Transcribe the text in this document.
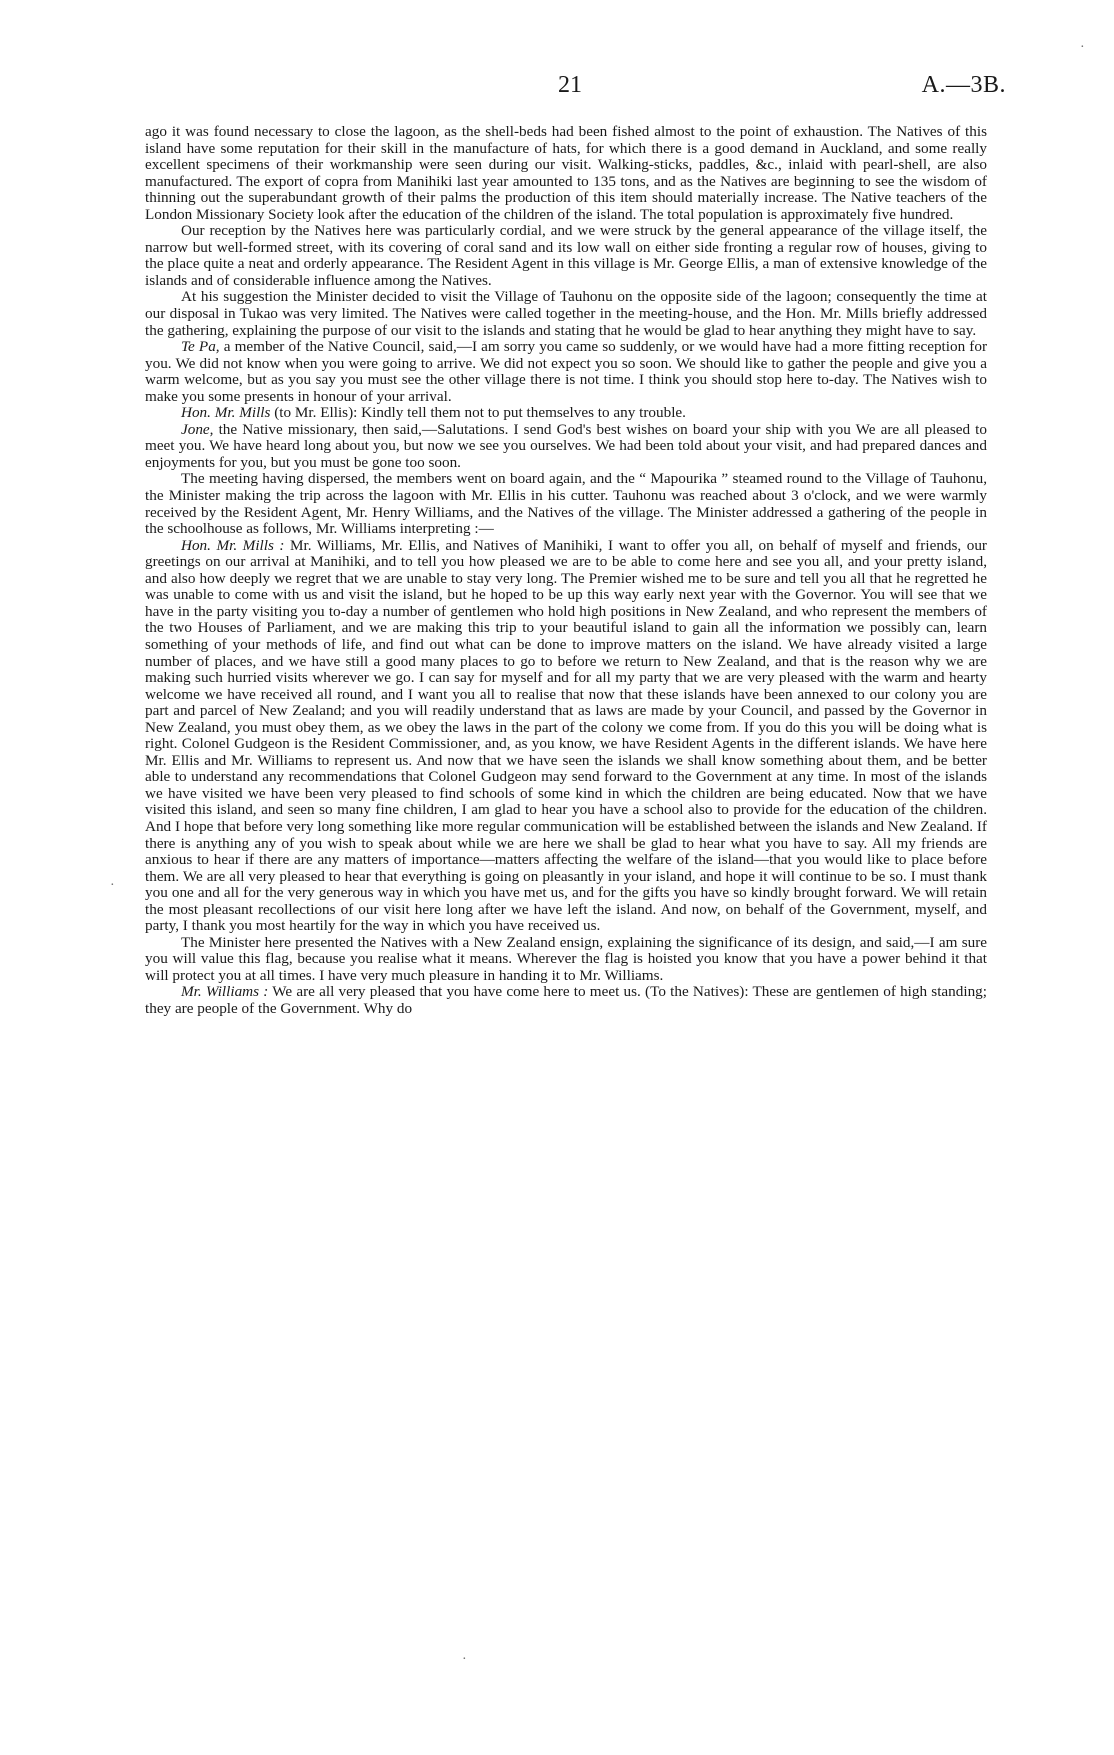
21	A.—3B.

ago it was found necessary to close the lagoon, as the shell-beds had been fished almost to the point of exhaustion. The Natives of this island have some reputation for their skill in the manufacture of hats, for which there is a good demand in Auckland, and some really excellent specimens of their workmanship were seen during our visit. Walking-sticks, paddles, &c., inlaid with pearl-shell, are also manufactured. The export of copra from Manihiki last year amounted to 135 tons, and as the Natives are beginning to see the wisdom of thinning out the superabundant growth of their palms the production of this item should materially increase. The Native teachers of the London Missionary Society look after the education of the children of the island. The total population is approximately five hundred.

Our reception by the Natives here was particularly cordial, and we were struck by the general appearance of the village itself, the narrow but well-formed street, with its covering of coral sand and its low wall on either side fronting a regular row of houses, giving to the place quite a neat and orderly appearance. The Resident Agent in this village is Mr. George Ellis, a man of extensive knowledge of the islands and of considerable influence among the Natives.

At his suggestion the Minister decided to visit the Village of Tauhonu on the opposite side of the lagoon; consequently the time at our disposal in Tukao was very limited. The Natives were called together in the meeting-house, and the Hon. Mr. Mills briefly addressed the gathering, explaining the purpose of our visit to the islands and stating that he would be glad to hear anything they might have to say.

Te Pa, a member of the Native Council, said,—I am sorry you came so suddenly, or we would have had a more fitting reception for you. We did not know when you were going to arrive. We did not expect you so soon. We should like to gather the people and give you a warm welcome, but as you say you must see the other village there is not time. I think you should stop here to-day. The Natives wish to make you some presents in honour of your arrival.

Hon. Mr. Mills (to Mr. Ellis): Kindly tell them not to put themselves to any trouble.

Jone, the Native missionary, then said,—Salutations. I send God's best wishes on board your ship with you We are all pleased to meet you. We have heard long about you, but now we see you ourselves. We had been told about your visit, and had prepared dances and enjoyments for you, but you must be gone too soon.

The meeting having dispersed, the members went on board again, and the “ Mapourika ” steamed round to the Village of Tauhonu, the Minister making the trip across the lagoon with Mr. Ellis in his cutter. Tauhonu was reached about 3 o'clock, and we were warmly received by the Resident Agent, Mr. Henry Williams, and the Natives of the village. The Minister addressed a gathering of the people in the schoolhouse as follows, Mr. Williams interpreting :—

Hon. Mr. Mills : Mr. Williams, Mr. Ellis, and Natives of Manihiki, I want to offer you all, on behalf of myself and friends, our greetings on our arrival at Manihiki, and to tell you how pleased we are to be able to come here and see you all, and your pretty island, and also how deeply we regret that we are unable to stay very long. The Premier wished me to be sure and tell you all that he regretted he was unable to come with us and visit the island, but he hoped to be up this way early next year with the Governor. You will see that we have in the party visiting you to-day a number of gentlemen who hold high positions in New Zealand, and who represent the members of the two Houses of Parliament, and we are making this trip to your beautiful island to gain all the information we possibly can, learn something of your methods of life, and find out what can be done to improve matters on the island. We have already visited a large number of places, and we have still a good many places to go to before we return to New Zealand, and that is the reason why we are making such hurried visits wherever we go. I can say for myself and for all my party that we are very pleased with the warm and hearty welcome we have received all round, and I want you all to realise that now that these islands have been annexed to our colony you are part and parcel of New Zealand; and you will readily understand that as laws are made by your Council, and passed by the Governor in New Zealand, you must obey them, as we obey the laws in the part of the colony we come from. If you do this you will be doing what is right. Colonel Gudgeon is the Resident Commissioner, and, as you know, we have Resident Agents in the different islands. We have here Mr. Ellis and Mr. Williams to represent us. And now that we have seen the islands we shall know something about them, and be better able to understand any recommendations that Colonel Gudgeon may send forward to the Government at any time. In most of the islands we have visited we have been very pleased to find schools of some kind in which the children are being educated. Now that we have visited this island, and seen so many fine children, I am glad to hear you have a school also to provide for the education of the children. And I hope that before very long something like more regular communication will be established between the islands and New Zealand. If there is anything any of you wish to speak about while we are here we shall be glad to hear what you have to say. All my friends are anxious to hear if there are any matters of importance—matters affecting the welfare of the island—that you would like to place before them. We are all very pleased to hear that everything is going on pleasantly in your island, and hope it will continue to be so. I must thank you one and all for the very generous way in which you have met us, and for the gifts you have so kindly brought forward. We will retain the most pleasant recollections of our visit here long after we have left the island. And now, on behalf of the Government, myself, and party, I thank you most heartily for the way in which you have received us.

The Minister here presented the Natives with a New Zealand ensign, explaining the significance of its design, and said,—I am sure you will value this flag, because you realise what it means. Wherever the flag is hoisted you know that you have a power behind it that will protect you at all times. I have very much pleasure in handing it to Mr. Williams.

Mr. Williams : We are all very pleased that you have come here to meet us. (To the Natives): These are gentlemen of high standing; they are people of the Government. Why do

·
·
·
